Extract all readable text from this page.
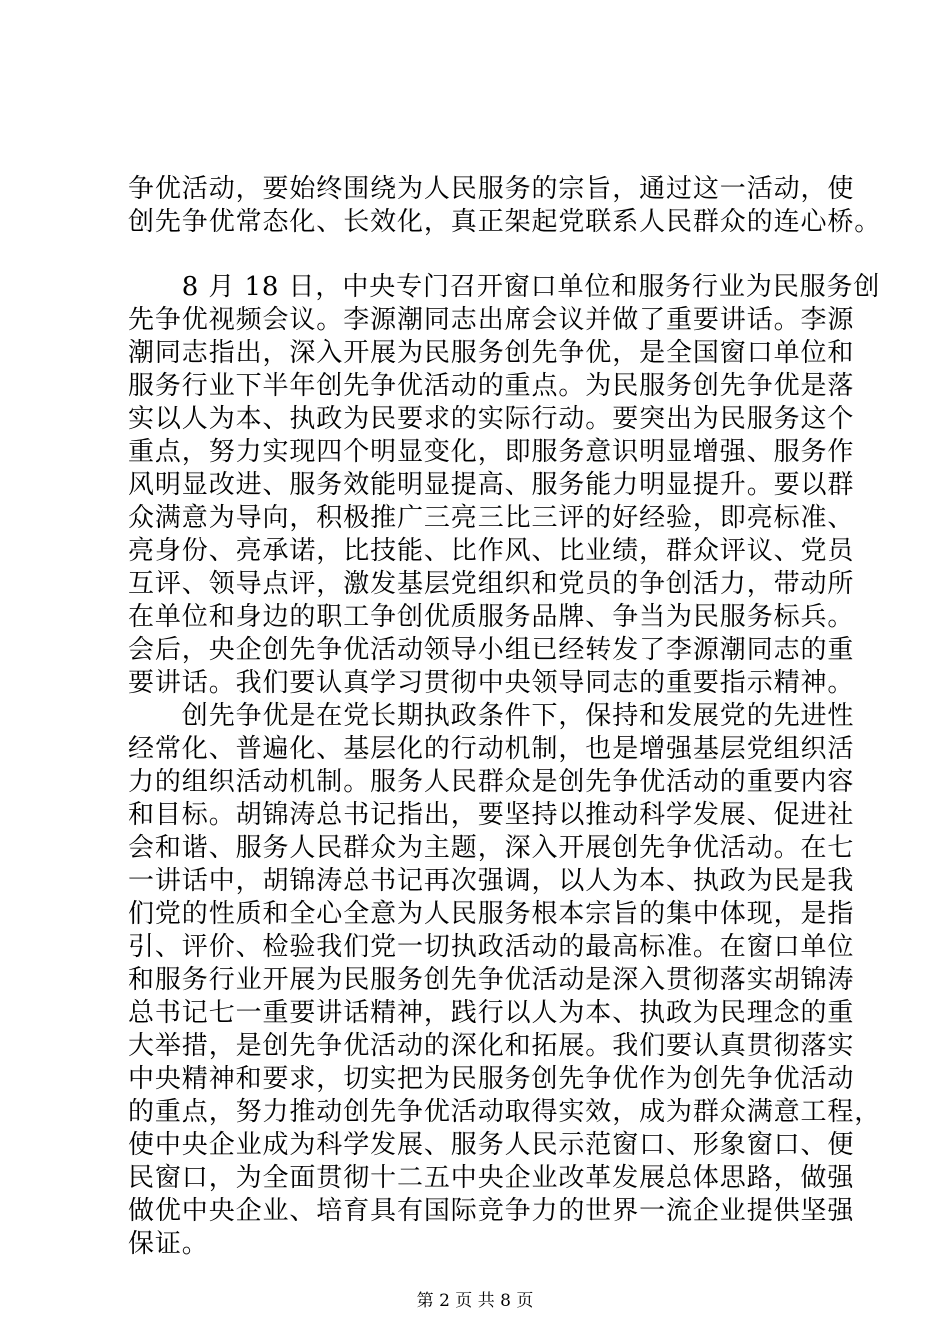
争优活动，要始终围绕为人民服务的宗旨，通过这一活动，使
创先争优常态化、长效化，真正架起党联系人民群众的连心桥。
　　8 月 18 日，中央专门召开窗口单位和服务行业为民服务创
先争优视频会议。李源潮同志出席会议并做了重要讲话。李源
潮同志指出，深入开展为民服务创先争优，是全国窗口单位和
服务行业下半年创先争优活动的重点。为民服务创先争优是落
实以人为本、执政为民要求的实际行动。要突出为民服务这个
重点，努力实现四个明显变化，即服务意识明显增强、服务作
风明显改进、服务效能明显提高、服务能力明显提升。要以群
众满意为导向，积极推广三亮三比三评的好经验，即亮标准、
亮身份、亮承诺，比技能、比作风、比业绩，群众评议、党员
互评、领导点评，激发基层党组织和党员的争创活力，带动所
在单位和身边的职工争创优质服务品牌、争当为民服务标兵。
会后，央企创先争优活动领导小组已经转发了李源潮同志的重
要讲话。我们要认真学习贯彻中央领导同志的重要指示精神。
　　创先争优是在党长期执政条件下，保持和发展党的先进性
经常化、普遍化、基层化的行动机制，也是增强基层党组织活
力的组织活动机制。服务人民群众是创先争优活动的重要内容
和目标。胡锦涛总书记指出，要坚持以推动科学发展、促进社
会和谐、服务人民群众为主题，深入开展创先争优活动。在七
一讲话中，胡锦涛总书记再次强调，以人为本、执政为民是我
们党的性质和全心全意为人民服务根本宗旨的集中体现，是指
引、评价、检验我们党一切执政活动的最高标准。在窗口单位
和服务行业开展为民服务创先争优活动是深入贯彻落实胡锦涛
总书记七一重要讲话精神，践行以人为本、执政为民理念的重
大举措，是创先争优活动的深化和拓展。我们要认真贯彻落实
中央精神和要求，切实把为民服务创先争优作为创先争优活动
的重点，努力推动创先争优活动取得实效，成为群众满意工程，
使中央企业成为科学发展、服务人民示范窗口、形象窗口、便
民窗口，为全面贯彻十二五中央企业改革发展总体思路，做强
做优中央企业、培育具有国际竞争力的世界一流企业提供坚强
保证。
第 2 页 共 8 页
